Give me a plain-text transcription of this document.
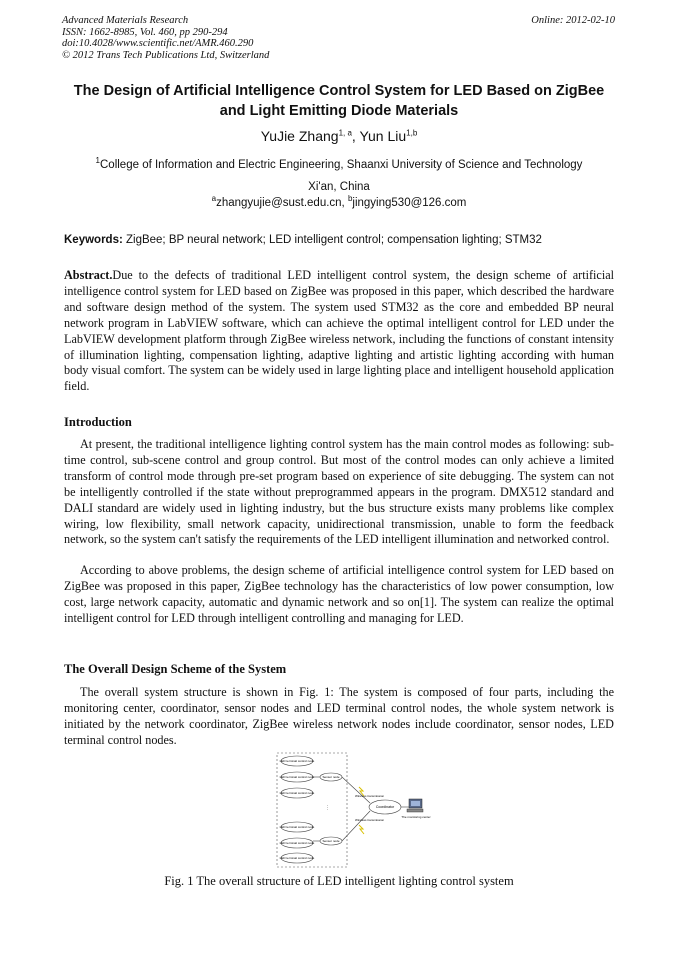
Advanced Materials Research
ISSN: 1662-8985, Vol. 460, pp 290-294
doi:10.4028/www.scientific.net/AMR.460.290
© 2012 Trans Tech Publications Ltd, Switzerland
Online: 2012-02-10
The Design of Artificial Intelligence Control System for LED Based on ZigBee and Light Emitting Diode Materials
YuJie Zhang$^{1, a}$, Yun Liu$^{1,b}$
$^1$College of Information and Electric Engineering, Shaanxi University of Science and Technology
Xi'an, China
$^a$zhangyujie@sust.edu.cn, $^b$jingying530@126.com
Keywords: ZigBee; BP neural network; LED intelligent control; compensation lighting; STM32
Abstract.Due to the defects of traditional LED intelligent control system, the design scheme of artificial intelligence control system for LED based on ZigBee was proposed in this paper, which described the hardware and software design method of the system. The system used STM32 as the core and embedded BP neural network program in LabVIEW software, which can achieve the optimal intelligent control for LED under the LabVIEW development platform through ZigBee wireless network, including the functions of constant intensity of illumination lighting, compensation lighting, adaptive lighting and artistic lighting according with human body visual comfort. The system can be widely used in large lighting place and intelligent household application field.
Introduction
At present, the traditional intelligence lighting control system has the main control modes as following: sub-time control, sub-scene control and group control. But most of the control modes can only achieve a limited transform of control mode through pre-set program based on experience of site debugging. The system can not be intelligently controlled if the state without preprogrammed appears in the program. DMX512 standard and DALI standard are widely used in lighting industry, but the bus structure exists many problems like complex wiring, low flexibility, small network capacity, unidirectional transmission, unable to form the feedback network, so the system can't satisfy the requirements of the LED intelligent illumination and networked control.
According to above problems, the design scheme of artificial intelligence control system for LED based on ZigBee was proposed in this paper, ZigBee technology has the characteristics of low power consumption, low cost, large network capacity, automatic and dynamic network and so on[1]. The system can realize the optimal intelligent control for LED through intelligent controlling and managing for LED.
The Overall Design Scheme of the System
The overall system structure is shown in Fig. 1: The system is composed of four parts, including the monitoring center, coordinator, sensor nodes and LED terminal control nodes, the whole system network is initiated by the network coordinator, ZigBee wireless network nodes include coordinator, sensor nodes, LED terminal control nodes.
LED terminal control node
LED terminal control node
LED terminal control node
LED terminal control node
LED terminal control node
LED terminal control node
Sensor node
Sensor node
⋮	Coordinator
Wireless transmission
Wireless transmission
The monitoring center
Fig. 1 The overall structure of LED intelligent lighting control system
